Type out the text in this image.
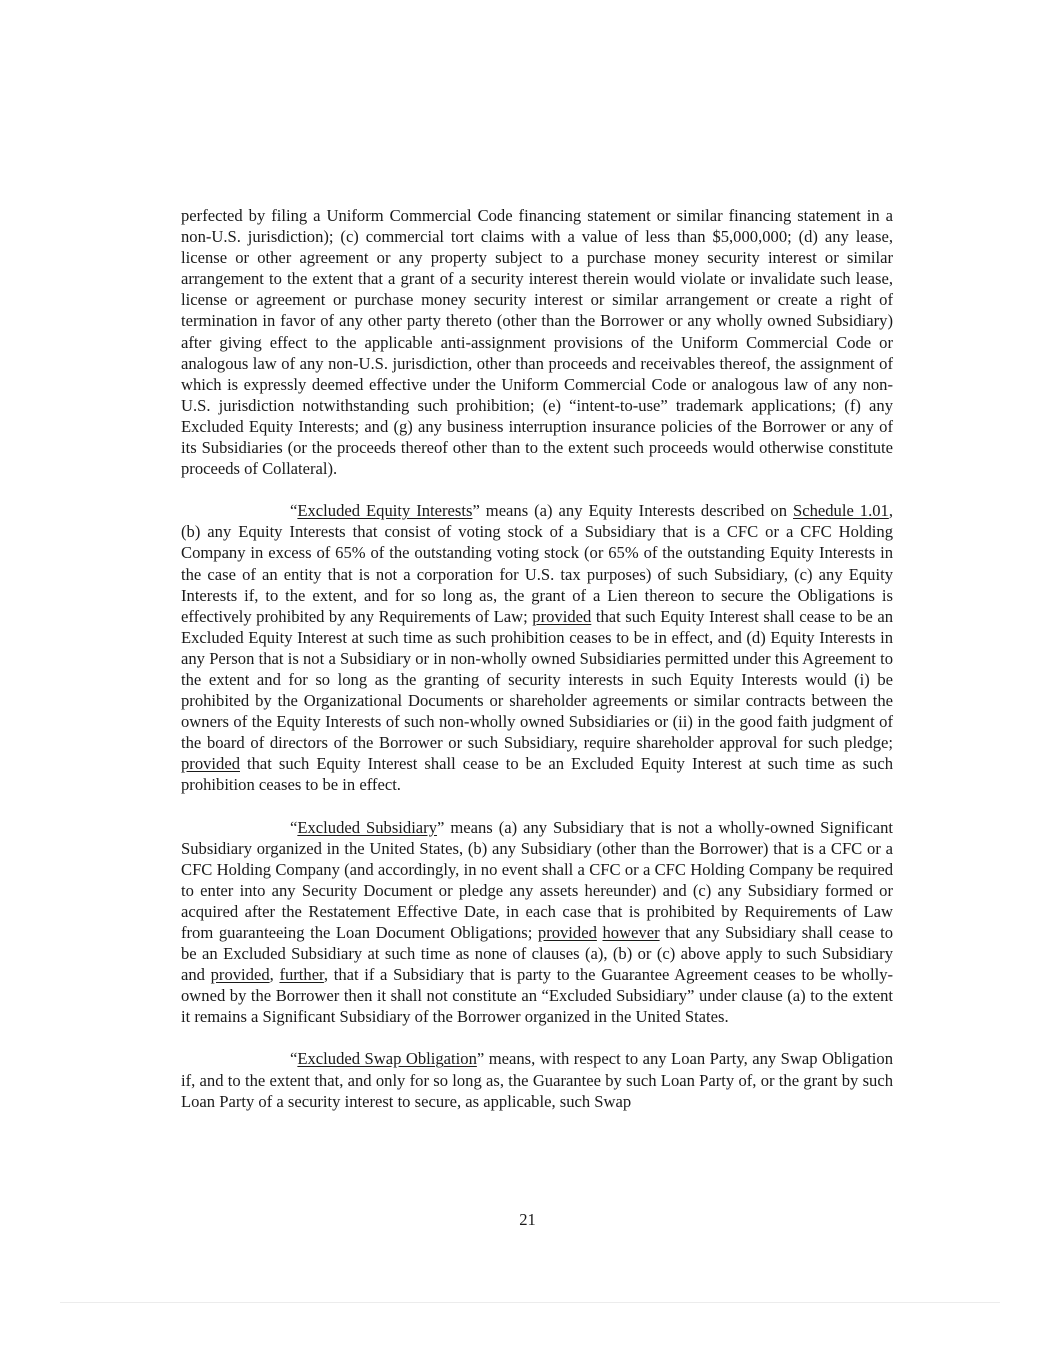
perfected by filing a Uniform Commercial Code financing statement or similar financing statement in a non-U.S. jurisdiction); (c) commercial tort claims with a value of less than $5,000,000; (d) any lease, license or other agreement or any property subject to a purchase money security interest or similar arrangement to the extent that a grant of a security interest therein would violate or invalidate such lease, license or agreement or purchase money security interest or similar arrangement or create a right of termination in favor of any other party thereto (other than the Borrower or any wholly owned Subsidiary) after giving effect to the applicable anti-assignment provisions of the Uniform Commercial Code or analogous law of any non-U.S. jurisdiction, other than proceeds and receivables thereof, the assignment of which is expressly deemed effective under the Uniform Commercial Code or analogous law of any non-U.S. jurisdiction notwithstanding such prohibition; (e) “intent-to-use” trademark applications; (f) any Excluded Equity Interests; and (g) any business interruption insurance policies of the Borrower or any of its Subsidiaries (or the proceeds thereof other than to the extent such proceeds would otherwise constitute proceeds of Collateral).

“Excluded Equity Interests” means (a) any Equity Interests described on Schedule 1.01, (b) any Equity Interests that consist of voting stock of a Subsidiary that is a CFC or a CFC Holding Company in excess of 65% of the outstanding voting stock (or 65% of the outstanding Equity Interests in the case of an entity that is not a corporation for U.S. tax purposes) of such Subsidiary, (c) any Equity Interests if, to the extent, and for so long as, the grant of a Lien thereon to secure the Obligations is effectively prohibited by any Requirements of Law; provided that such Equity Interest shall cease to be an Excluded Equity Interest at such time as such prohibition ceases to be in effect, and (d) Equity Interests in any Person that is not a Subsidiary or in non-wholly owned Subsidiaries permitted under this Agreement to the extent and for so long as the granting of security interests in such Equity Interests would (i) be prohibited by the Organizational Documents or shareholder agreements or similar contracts between the owners of the Equity Interests of such non-wholly owned Subsidiaries or (ii) in the good faith judgment of the board of directors of the Borrower or such Subsidiary, require shareholder approval for such pledge; provided that such Equity Interest shall cease to be an Excluded Equity Interest at such time as such prohibition ceases to be in effect.

“Excluded Subsidiary” means (a) any Subsidiary that is not a wholly-owned Significant Subsidiary organized in the United States, (b) any Subsidiary (other than the Borrower) that is a CFC or a CFC Holding Company (and accordingly, in no event shall a CFC or a CFC Holding Company be required to enter into any Security Document or pledge any assets hereunder) and (c) any Subsidiary formed or acquired after the Restatement Effective Date, in each case that is prohibited by Requirements of Law from guaranteeing the Loan Document Obligations; provided however that any Subsidiary shall cease to be an Excluded Subsidiary at such time as none of clauses (a), (b) or (c) above apply to such Subsidiary and provided, further, that if a Subsidiary that is party to the Guarantee Agreement ceases to be wholly-owned by the Borrower then it shall not constitute an “Excluded Subsidiary” under clause (a) to the extent it remains a Significant Subsidiary of the Borrower organized in the United States.

“Excluded Swap Obligation” means, with respect to any Loan Party, any Swap Obligation if, and to the extent that, and only for so long as, the Guarantee by such Loan Party of, or the grant by such Loan Party of a security interest to secure, as applicable, such Swap

21
